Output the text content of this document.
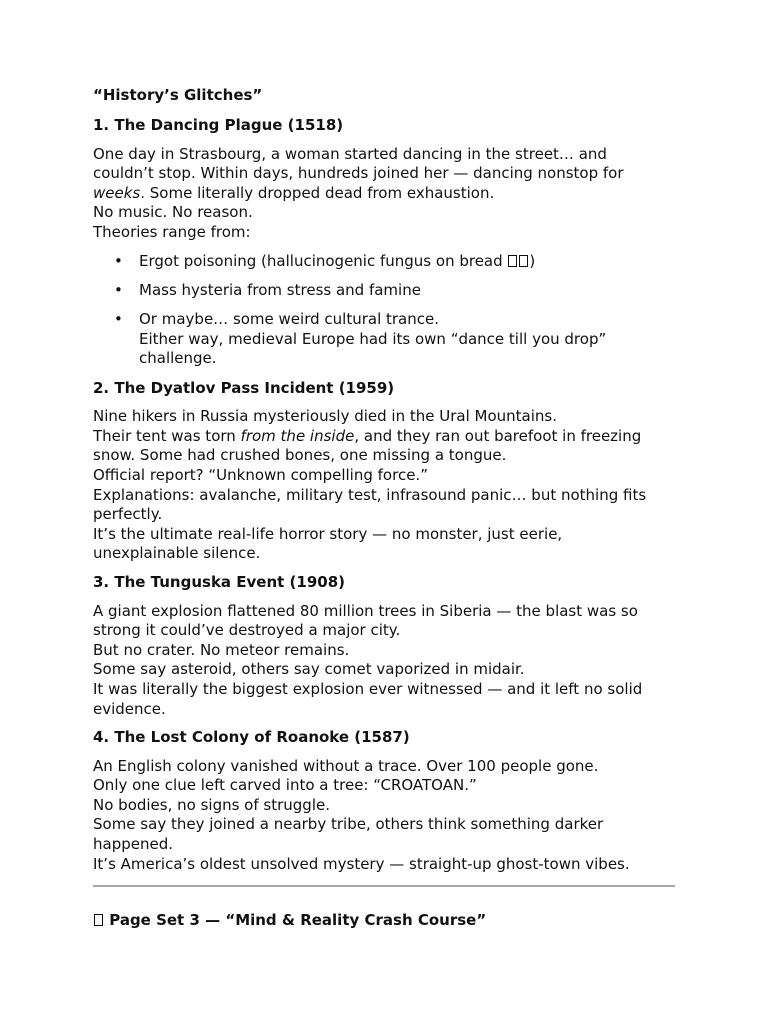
“History’s Glitches”
1. The Dancing Plague (1518)

One day in Strasbourg, a woman started dancing in the street… and
couldn’t stop. Within days, hundreds joined her — dancing nonstop for
weeks. Some literally dropped dead from exhaustion.
No music. No reason.
Theories range from:

• Ergot poisoning (hallucinogenic fungus on bread )
• Mass hysteria from stress and famine
• Or maybe… some weird cultural trance.
Either way, medieval Europe had its own “dance till you drop”
challenge.
2. The Dyatlov Pass Incident (1959)

Nine hikers in Russia mysteriously died in the Ural Mountains.
Their tent was torn from the inside, and they ran out barefoot in freezing
snow. Some had crushed bones, one missing a tongue.
Official report? “Unknown compelling force.”
Explanations: avalanche, military test, infrasound panic… but nothing fits
perfectly.
It’s the ultimate real-life horror story — no monster, just eerie,
unexplainable silence.

3. The Tunguska Event (1908)

A giant explosion flattened 80 million trees in Siberia — the blast was so
strong it could’ve destroyed a major city.
But no crater. No meteor remains.
Some say asteroid, others say comet vaporized in midair.
It was literally the biggest explosion ever witnessed — and it left no solid
evidence.

4. The Lost Colony of Roanoke (1587)

An English colony vanished without a trace. Over 100 people gone.
Only one clue left carved into a tree: “CROATOAN.”
No bodies, no signs of struggle.
Some say they joined a nearby tribe, others think something darker
happened.
It’s America’s oldest unsolved mystery — straight-up ghost-town vibes.

Page Set 3 — “Mind & Reality Crash Course”
